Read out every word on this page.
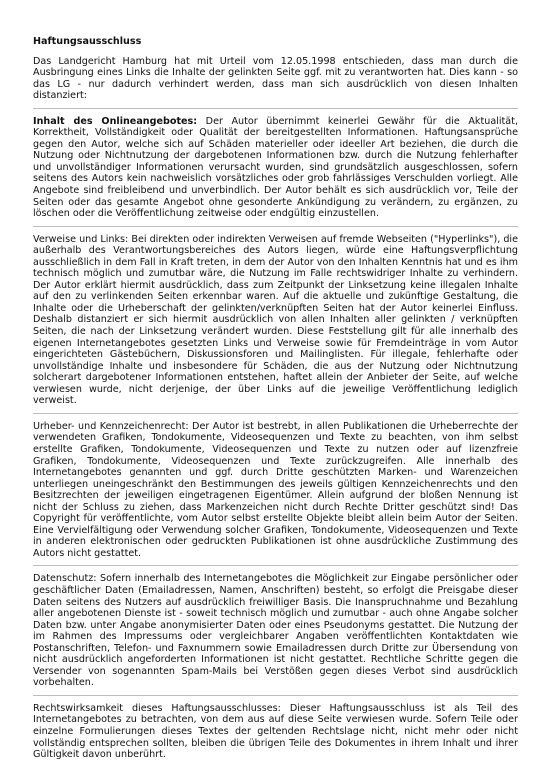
Haftungsausschluss

Das Landgericht Hamburg hat mit Urteil vom 12.05.1998 entschieden, dass man durch die Ausbringung eines Links die Inhalte der gelinkten Seite ggf. mit zu verantworten hat. Dies kann - so das LG - nur dadurch verhindert werden, dass man sich ausdrücklich von diesen Inhalten distanziert:

Inhalt des Onlineangebotes: Der Autor übernimmt keinerlei Gewähr für die Aktualität, Korrektheit, Vollständigkeit oder Qualität der bereitgestellten Informationen. Haftungsansprüche gegen den Autor, welche sich auf Schäden materieller oder ideeller Art beziehen, die durch die Nutzung oder Nichtnutzung der dargebotenen Informationen bzw. durch die Nutzung fehlerhafter und unvollständiger Informationen verursacht wurden, sind grundsätzlich ausgeschlossen, sofern seitens des Autors kein nachweislich vorsätzliches oder grob fahrlässiges Verschulden vorliegt. Alle Angebote sind freibleibend und unverbindlich. Der Autor behält es sich ausdrücklich vor, Teile der Seiten oder das gesamte Angebot ohne gesonderte Ankündigung zu verändern, zu ergänzen, zu löschen oder die Veröffentlichung zeitweise oder endgültig einzustellen.

Verweise und Links: Bei direkten oder indirekten Verweisen auf fremde Webseiten ("Hyperlinks"), die außerhalb des Verantwortungsbereiches des Autors liegen, würde eine Haftungsverpflichtung ausschließlich in dem Fall in Kraft treten, in dem der Autor von den Inhalten Kenntnis hat und es ihm technisch möglich und zumutbar wäre, die Nutzung im Falle rechtswidriger Inhalte zu verhindern. Der Autor erklärt hiermit ausdrücklich, dass zum Zeitpunkt der Linksetzung keine illegalen Inhalte auf den zu verlinkenden Seiten erkennbar waren. Auf die aktuelle und zukünftige Gestaltung, die Inhalte oder die Urheberschaft der gelinkten/verknüpften Seiten hat der Autor keinerlei Einfluss. Deshalb distanziert er sich hiermit ausdrücklich von allen Inhalten aller gelinkten / verknüpften Seiten, die nach der Linksetzung verändert wurden. Diese Feststellung gilt für alle innerhalb des eigenen Internetangebotes gesetzten Links und Verweise sowie für Fremdeinträge in vom Autor eingerichteten Gästebüchern, Diskussionsforen und Mailinglisten. Für illegale, fehlerhafte oder unvollständige Inhalte und insbesondere für Schäden, die aus der Nutzung oder Nichtnutzung solcherart dargebotener Informationen entstehen, haftet allein der Anbieter der Seite, auf welche verwiesen wurde, nicht derjenige, der über Links auf die jeweilige Veröffentlichung lediglich verweist.

Urheber- und Kennzeichenrecht: Der Autor ist bestrebt, in allen Publikationen die Urheberrechte der verwendeten Grafiken, Tondokumente, Videosequenzen und Texte zu beachten, von ihm selbst erstellte Grafiken, Tondokumente, Videosequenzen und Texte zu nutzen oder auf lizenzfreie Grafiken, Tondokumente, Videosequenzen und Texte zurückzugreifen. Alle innerhalb des Internetangebotes genannten und ggf. durch Dritte geschützten Marken- und Warenzeichen unterliegen uneingeschränkt den Bestimmungen des jeweils gültigen Kennzeichenrechts und den Besitzrechten der jeweiligen eingetragenen Eigentümer. Allein aufgrund der bloßen Nennung ist nicht der Schluss zu ziehen, dass Markenzeichen nicht durch Rechte Dritter geschützt sind! Das Copyright für veröffentlichte, vom Autor selbst erstellte Objekte bleibt allein beim Autor der Seiten. Eine Vervielfältigung oder Verwendung solcher Grafiken, Tondokumente, Videosequenzen und Texte in anderen elektronischen oder gedruckten Publikationen ist ohne ausdrückliche Zustimmung des Autors nicht gestattet.

Datenschutz: Sofern innerhalb des Internetangebotes die Möglichkeit zur Eingabe persönlicher oder geschäftlicher Daten (Emailadressen, Namen, Anschriften) besteht, so erfolgt die Preisgabe dieser Daten seitens des Nutzers auf ausdrücklich freiwilliger Basis. Die Inanspruchnahme und Bezahlung aller angebotenen Dienste ist - soweit technisch möglich und zumutbar - auch ohne Angabe solcher Daten bzw. unter Angabe anonymisierter Daten oder eines Pseudonyms gestattet. Die Nutzung der im Rahmen des Impressums oder vergleichbarer Angaben veröffentlichten Kontaktdaten wie Postanschriften, Telefon- und Faxnummern sowie Emailadressen durch Dritte zur Übersendung von nicht ausdrücklich angeforderten Informationen ist nicht gestattet. Rechtliche Schritte gegen die Versender von sogenannten Spam-Mails bei Verstößen gegen dieses Verbot sind ausdrücklich vorbehalten.

Rechtswirksamkeit dieses Haftungsausschlusses: Dieser Haftungsausschluss ist als Teil des Internetangebotes zu betrachten, von dem aus auf diese Seite verwiesen wurde. Sofern Teile oder einzelne Formulierungen dieses Textes der geltenden Rechtslage nicht, nicht mehr oder nicht vollständig entsprechen sollten, bleiben die übrigen Teile des Dokumentes in ihrem Inhalt und ihrer Gültigkeit davon unberührt.
